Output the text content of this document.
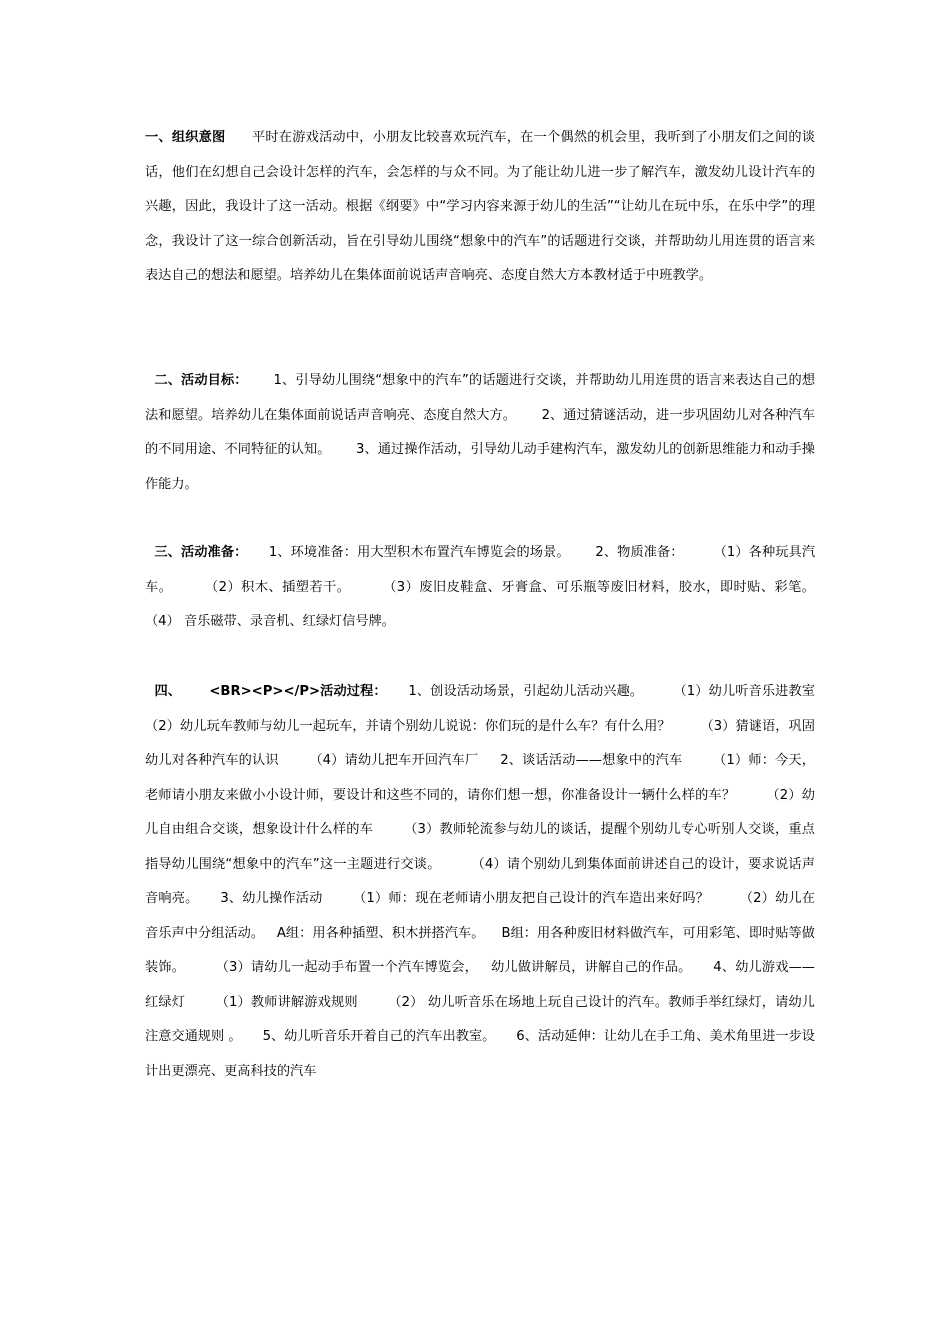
一、组织意图      平时在游戏活动中，小朋友比较喜欢玩汽车，在一个偶然的机会里，我听到了小朋友们之间的谈话，他们在幻想自己会设计怎样的汽车，会怎样的与众不同。为了能让幼儿进一步了解汽车，激发幼儿设计汽车的兴趣，因此，我设计了这一活动。根据《纲要》中“学习内容来源于幼儿的生活”“让幼儿在玩中乐，在乐中学”的理念，我设计了这一综合创新活动，旨在引导幼儿围绕“想象中的汽车”的话题进行交谈，并帮助幼儿用连贯的语言来表达自己的想法和愿望。培养幼儿在集体面前说话声音响亮、态度自然大方本教材适于中班教学。
二、活动目标：      1、引导幼儿围绕“想象中的汽车”的话题进行交谈，并帮助幼儿用连贯的语言来表达自己的想法和愿望。培养幼儿在集体面前说话声音响亮、态度自然大方。      2、通过猜谜活动，进一步巩固幼儿对各种汽车的不同用途、不同特征的认知。      3、通过操作活动，引导幼儿动手建构汽车，激发幼儿的创新思维能力和动手操作能力。
三、活动准备：     1、环境准备：用大型积木布置汽车博览会的场景。      2、物质准备：       （1）各种玩具汽车。       （2）积木、插塑若干。       （3）废旧皮鞋盒、牙膏盒、可乐瓶等废旧材料，胶水，即时贴、彩笔。        （4） 音乐磁带、录音机、红绿灯信号牌。
四、      <BR><P></P>活动过程：     1、创设活动场景，引起幼儿活动兴趣。       （1）幼儿听音乐进教室       （2）幼儿玩车教师与幼儿一起玩车，并请个别幼儿说说：你们玩的是什么车？有什么用？       （3）猜谜语，巩固幼儿对各种汽车的认识       （4）请幼儿把车开回汽车厂     2、谈话活动——想象中的汽车       （1）师：今天，老师请小朋友来做小小设计师，要设计和这些不同的，请你们想一想，你准备设计一辆什么样的车？       （2）幼儿自由组合交谈，想象设计什么样的车       （3）教师轮流参与幼儿的谈话，提醒个别幼儿专心听别人交谈，重点指导幼儿围绕“想象中的汽车”这一主题进行交谈。       （4）请个别幼儿到集体面前讲述自己的设计，要求说话声音响亮。     3、幼儿操作活动       （1）师：现在老师请小朋友把自己设计的汽车造出来好吗？       （2）幼儿在音乐声中分组活动。   A组：用各种插塑、积木拼搭汽车。    B组：用各种废旧材料做汽车，可用彩笔、即时贴等做装饰。       （3）请幼儿一起动手布置一个汽车博览会，   幼儿做讲解员，讲解自己的作品。     4、幼儿游戏——红绿灯       （1）教师讲解游戏规则       （2） 幼儿听音乐在场地上玩自己设计的汽车。教师手举红绿灯，请幼儿注意交通规则 。     5、幼儿听音乐开着自己的汽车出教室。     6、活动延伸：让幼儿在手工角、美术角里进一步设计出更漂亮、更高科技的汽车
